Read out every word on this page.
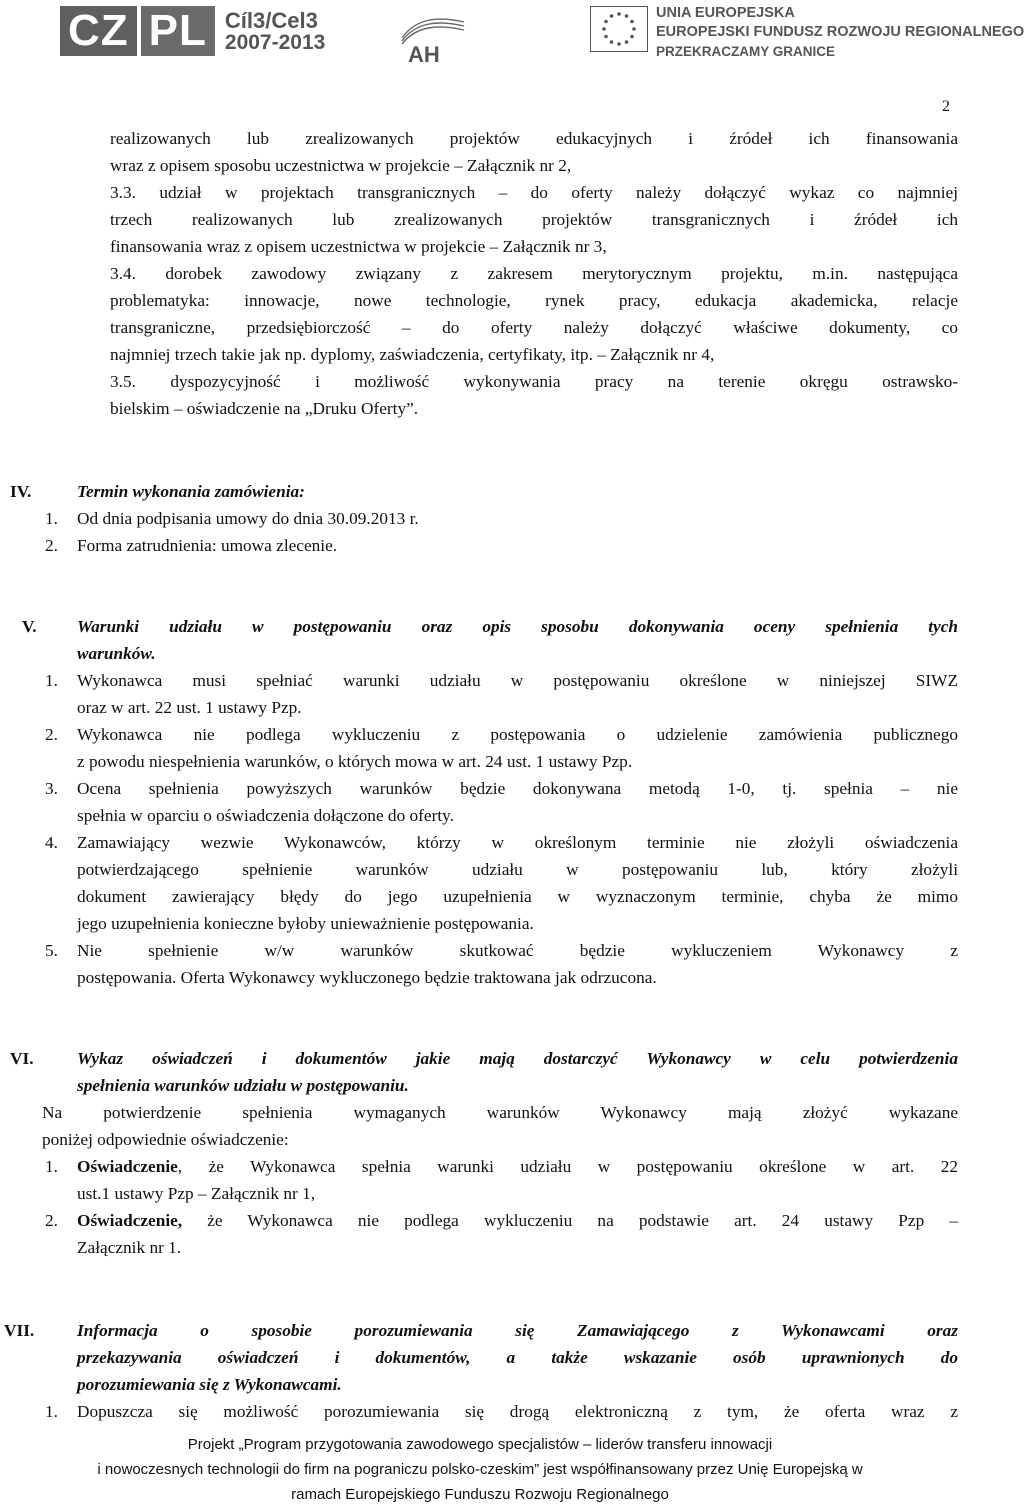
CZ PL Cíl3/Cel3
2007-2013	AH
UNIA EUROPEJSKA
EUROPEJSKI FUNDUSZ ROZWOJU REGIONALNEGO
PRZEKRACZAMY GRANICE
2
realizowanych lub zrealizowanych projektów edukacyjnych i źródeł ich finansowania
wraz z opisem sposobu uczestnictwa w projekcie – Załącznik nr 2,
3.3. udział w projektach transgranicznych – do oferty należy dołączyć wykaz co najmniej
trzech realizowanych lub zrealizowanych projektów transgranicznych i źródeł ich
finansowania wraz z opisem uczestnictwa w projekcie – Załącznik nr 3,
3.4. dorobek zawodowy związany z zakresem merytorycznym projektu, m.in. następująca
problematyka: innowacje, nowe technologie, rynek pracy, edukacja akademicka, relacje
transgraniczne, przedsiębiorczość – do oferty należy dołączyć właściwe dokumenty, co
najmniej trzech takie jak np. dyplomy, zaświadczenia, certyfikaty, itp. – Załącznik nr 4,
3.5. dyspozycyjność i możliwość wykonywania pracy na terenie okręgu ostrawsko-
bielskim – oświadczenie na „Druku Oferty”.
IV.	Termin wykonania zamówienia:
1. Od dnia podpisania umowy do dnia 30.09.2013 r.
2. Forma zatrudnienia: umowa zlecenie.
V. Warunki udziału w postępowaniu oraz opis sposobu dokonywania oceny spełnienia tych
warunków.
1. Wykonawca musi spełniać warunki udziału w postępowaniu określone w niniejszej SIWZ
oraz w art. 22 ust. 1 ustawy Pzp.
2. Wykonawca nie podlega wykluczeniu z postępowania o udzielenie zamówienia publicznego
z powodu niespełnienia warunków, o których mowa w art. 24 ust. 1 ustawy Pzp.
3. Ocena spełnienia powyższych warunków będzie dokonywana metodą 1-0, tj. spełnia – nie
spełnia w oparciu o oświadczenia dołączone do oferty.
4. Zamawiający wezwie Wykonawców, którzy w określonym terminie nie złożyli oświadczenia
potwierdzającego spełnienie warunków udziału w postępowaniu lub, który złożyli
dokument zawierający błędy do jego uzupełnienia w wyznaczonym terminie, chyba że mimo
jego uzupełnienia konieczne byłoby unieważnienie postępowania.
5. Nie spełnienie w/w warunków skutkować będzie wykluczeniem Wykonawcy z
postępowania. Oferta Wykonawcy wykluczonego będzie traktowana jak odrzucona.
VI.	Wykaz oświadczeń i dokumentów jakie mają dostarczyć Wykonawcy w celu potwierdzenia
spełnienia warunków udziału w postępowaniu.
Na potwierdzenie spełnienia wymaganych warunków Wykonawcy mają złożyć wykazane
poniżej odpowiednie oświadczenie:
1. Oświadczenie, że Wykonawca spełnia warunki udziału w postępowaniu określone w art. 22
ust.1 ustawy Pzp – Załącznik nr 1,
2. Oświadczenie, że Wykonawca nie podlega wykluczeniu na podstawie art. 24 ustawy Pzp –
Załącznik nr 1.
VII. Informacja o sposobie porozumiewania się Zamawiającego z Wykonawcami oraz
przekazywania oświadczeń i dokumentów, a także wskazanie osób uprawnionych do
porozumiewania się z Wykonawcami.
1. Dopuszcza się możliwość porozumiewania się drogą elektroniczną z tym, że oferta wraz z
Projekt „Program przygotowania zawodowego specjalistów – liderów transferu innowacji
i nowoczesnych technologii do firm na pograniczu polsko-czeskim” jest współfinansowany przez Unię Europejską w
ramach Europejskiego Funduszu Rozwoju Regionalnego
